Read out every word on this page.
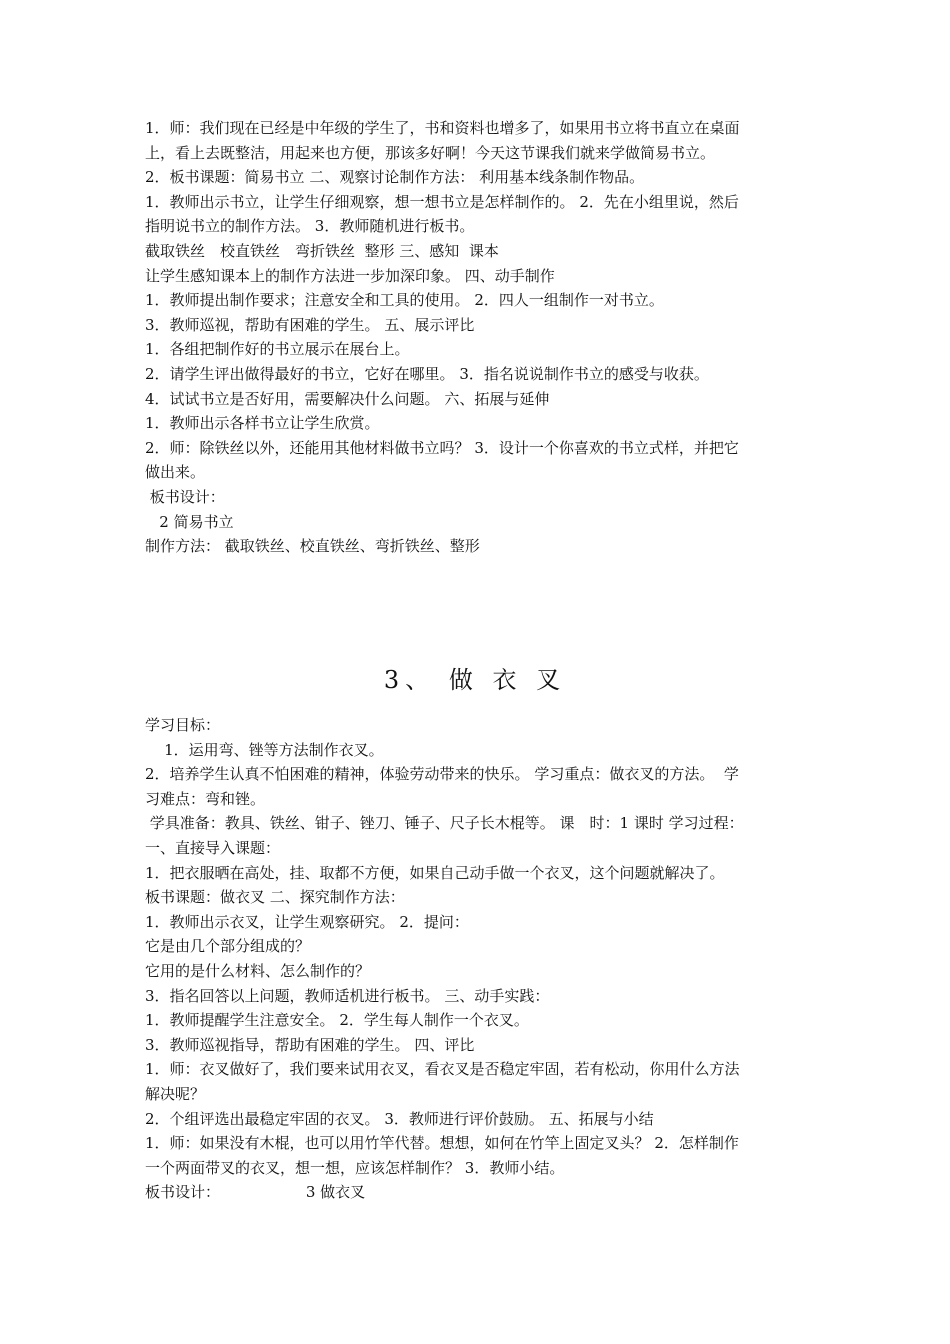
1．师：我们现在已经是中年级的学生了，书和资料也增多了，如果用书立将书直立在桌面
上，看上去既整洁，用起来也方便，那该多好啊！今天这节课我们就来学做简易书立。
2．板书课题：简易书立 二、观察讨论制作方法： 利用基本线条制作物品。
1．教师出示书立，让学生仔细观察，想一想书立是怎样制作的。 2．先在小组里说，然后
指明说书立的制作方法。 3．教师随机进行板书。
截取铁丝　校直铁丝　弯折铁丝  整形 三、感知  课本
让学生感知课本上的制作方法进一步加深印象。 四、动手制作
1．教师提出制作要求；注意安全和工具的使用。 2．四人一组制作一对书立。
3．教师巡视，帮助有困难的学生。 五、展示评比
1．各组把制作好的书立展示在展台上。
2．请学生评出做得最好的书立，它好在哪里。 3．指名说说制作书立的感受与收获。
4．试试书立是否好用，需要解决什么问题。 六、拓展与延伸
1．教师出示各样书立让学生欣赏。
2．师：除铁丝以外，还能用其他材料做书立吗？ 3．设计一个你喜欢的书立式样，并把它
做出来。
板书设计：
2 简易书立
制作方法： 截取铁丝、校直铁丝、弯折铁丝、整形
3、 做 衣 叉
学习目标：
1．运用弯、锉等方法制作衣叉。
2．培养学生认真不怕困难的精神，体验劳动带来的快乐。 学习重点：做衣叉的方法。  学
习难点：弯和锉。
学具准备：教具、铁丝、钳子、锉刀、锤子、尺子长木棍等。 课　时：1 课时 学习过程：
一、直接导入课题：
1．把衣服晒在高处，挂、取都不方便，如果自己动手做一个衣叉，这个问题就解决了。
板书课题：做衣叉 二、探究制作方法：
1．教师出示衣叉，让学生观察研究。 2．提问：
它是由几个部分组成的？
它用的是什么材料、怎么制作的？
3．指名回答以上问题，教师适机进行板书。 三、动手实践：
1．教师提醒学生注意安全。 2．学生每人制作一个衣叉。
3．教师巡视指导，帮助有困难的学生。 四、评比
1．师：衣叉做好了，我们要来试用衣叉，看衣叉是否稳定牢固，若有松动，你用什么方法
解决呢？
2．个组评选出最稳定牢固的衣叉。 3．教师进行评价鼓励。 五、拓展与小结
1．师：如果没有木棍，也可以用竹竿代替。想想，如何在竹竿上固定叉头？ 2．怎样制作
一个两面带叉的衣叉，想一想，应该怎样制作？ 3．教师小结。
板书设计：                  3 做衣叉
